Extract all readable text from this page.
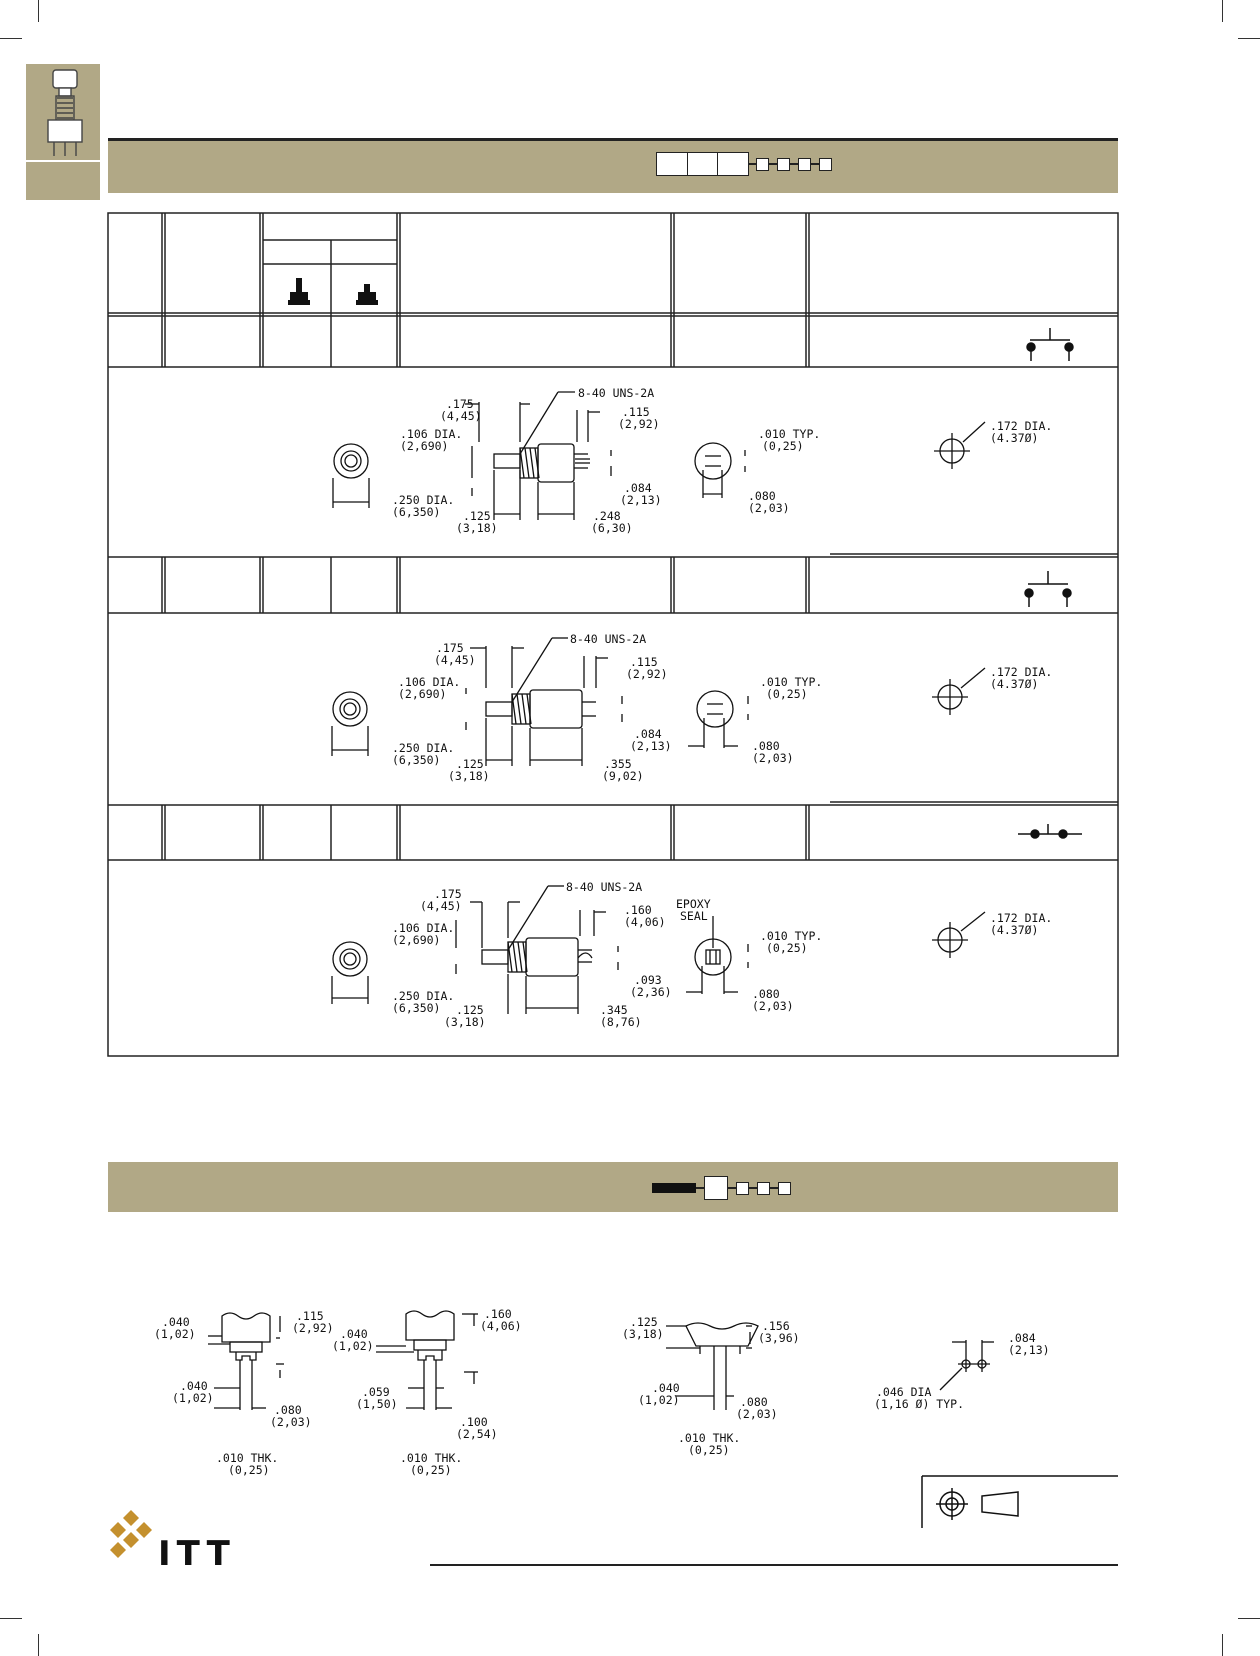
.175
(4,45)
.106 DIA.
(2,690)
.250 DIA.
(6,350) .125
(3,18)
8-40 UNS-2A
.115
(2,92)
.084
(2,13)
.248
(6,30)
.010 TYP.
(0,25)
.080
(2,03)
.172 DIA.
(4.37Ø)
.175
(4,45)
.106 DIA.
(2,690)
.250 DIA.
(6,350) .125
(3,18)
8-40 UNS-2A
.115
(2,92)
.084
(2,13)
.355
(9,02)
.010 TYP.
(0,25)
.080
(2,03)
.172 DIA.
(4.37Ø)
.175
(4,45)
.106 DIA.
(2,690)
.250 DIA.
(6,350) .125
(3,18)
8-40 UNS-2A
.160
(4,06)
.093
(2,36)
.345
(8,76)
EPOXY
SEAL
.010 TYP.
(0,25)
.080
(2,03)
.172 DIA.
(4.37Ø)
.040
(1,02)
.115
(2,92)
.040
(1,02)
.080
(2,03)
.010 THK.
(0,25)
.040
(1,02)
.160
(4,06)
.059
(1,50)
.100
(2,54)
.010 THK.
(0,25)
.125
(3,18)
.156
(3,96)
.040
(1,02)	.080
(2,03)
.010 THK.
(0,25)
.084
(2,13)
.046 DIA
(1,16 Ø) TYP.
ITT
